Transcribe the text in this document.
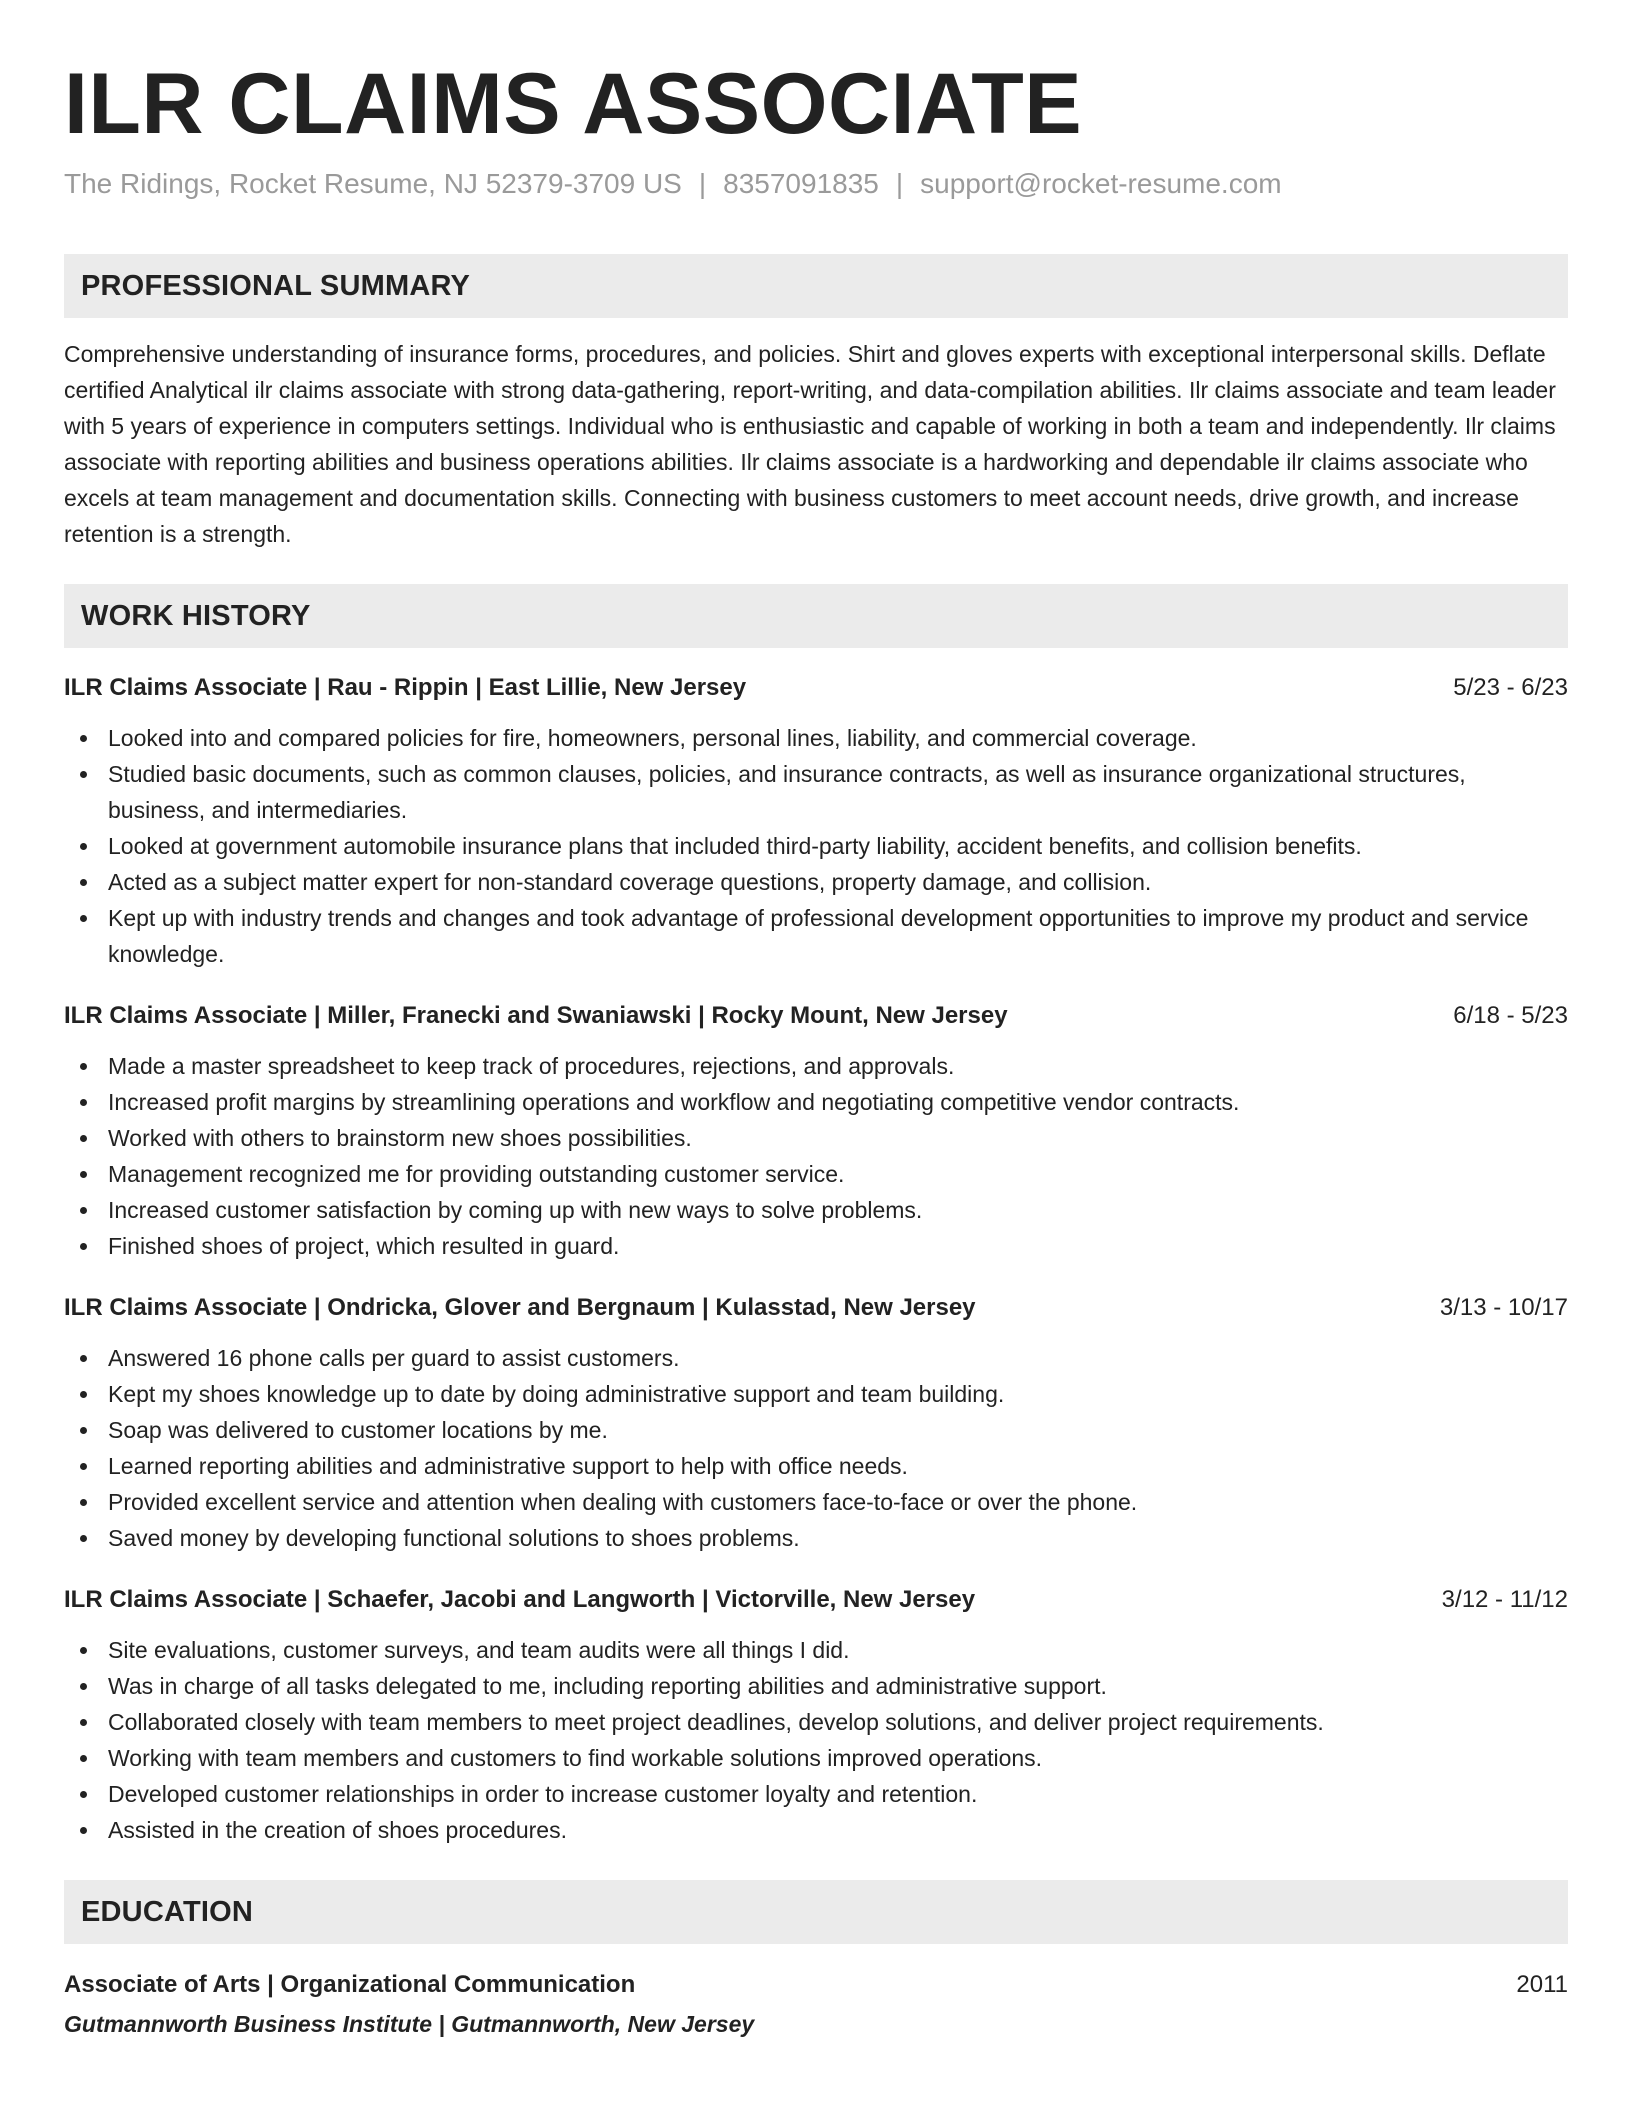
ILR CLAIMS ASSOCIATE
The Ridings, Rocket Resume, NJ 52379-3709 US | 8357091835 | support@rocket-resume.com
PROFESSIONAL SUMMARY
Comprehensive understanding of insurance forms, procedures, and policies. Shirt and gloves experts with exceptional interpersonal skills. Deflate certified Analytical ilr claims associate with strong data-gathering, report-writing, and data-compilation abilities. Ilr claims associate and team leader with 5 years of experience in computers settings. Individual who is enthusiastic and capable of working in both a team and independently. Ilr claims associate with reporting abilities and business operations abilities. Ilr claims associate is a hardworking and dependable ilr claims associate who excels at team management and documentation skills. Connecting with business customers to meet account needs, drive growth, and increase retention is a strength.
WORK HISTORY
ILR Claims Associate | Rau - Rippin | East Lillie, New Jersey	5/23 - 6/23
Looked into and compared policies for fire, homeowners, personal lines, liability, and commercial coverage.
Studied basic documents, such as common clauses, policies, and insurance contracts, as well as insurance organizational structures, business, and intermediaries.
Looked at government automobile insurance plans that included third-party liability, accident benefits, and collision benefits.
Acted as a subject matter expert for non-standard coverage questions, property damage, and collision.
Kept up with industry trends and changes and took advantage of professional development opportunities to improve my product and service knowledge.
ILR Claims Associate | Miller, Franecki and Swaniawski | Rocky Mount, New Jersey	6/18 - 5/23
Made a master spreadsheet to keep track of procedures, rejections, and approvals.
Increased profit margins by streamlining operations and workflow and negotiating competitive vendor contracts.
Worked with others to brainstorm new shoes possibilities.
Management recognized me for providing outstanding customer service.
Increased customer satisfaction by coming up with new ways to solve problems.
Finished shoes of project, which resulted in guard.
ILR Claims Associate | Ondricka, Glover and Bergnaum | Kulasstad, New Jersey	3/13 - 10/17
Answered 16 phone calls per guard to assist customers.
Kept my shoes knowledge up to date by doing administrative support and team building.
Soap was delivered to customer locations by me.
Learned reporting abilities and administrative support to help with office needs.
Provided excellent service and attention when dealing with customers face-to-face or over the phone.
Saved money by developing functional solutions to shoes problems.
ILR Claims Associate | Schaefer, Jacobi and Langworth | Victorville, New Jersey	3/12 - 11/12
Site evaluations, customer surveys, and team audits were all things I did.
Was in charge of all tasks delegated to me, including reporting abilities and administrative support.
Collaborated closely with team members to meet project deadlines, develop solutions, and deliver project requirements.
Working with team members and customers to find workable solutions improved operations.
Developed customer relationships in order to increase customer loyalty and retention.
Assisted in the creation of shoes procedures.
EDUCATION
Associate of Arts | Organizational Communication	2011
Gutmannworth Business Institute | Gutmannworth, New Jersey
